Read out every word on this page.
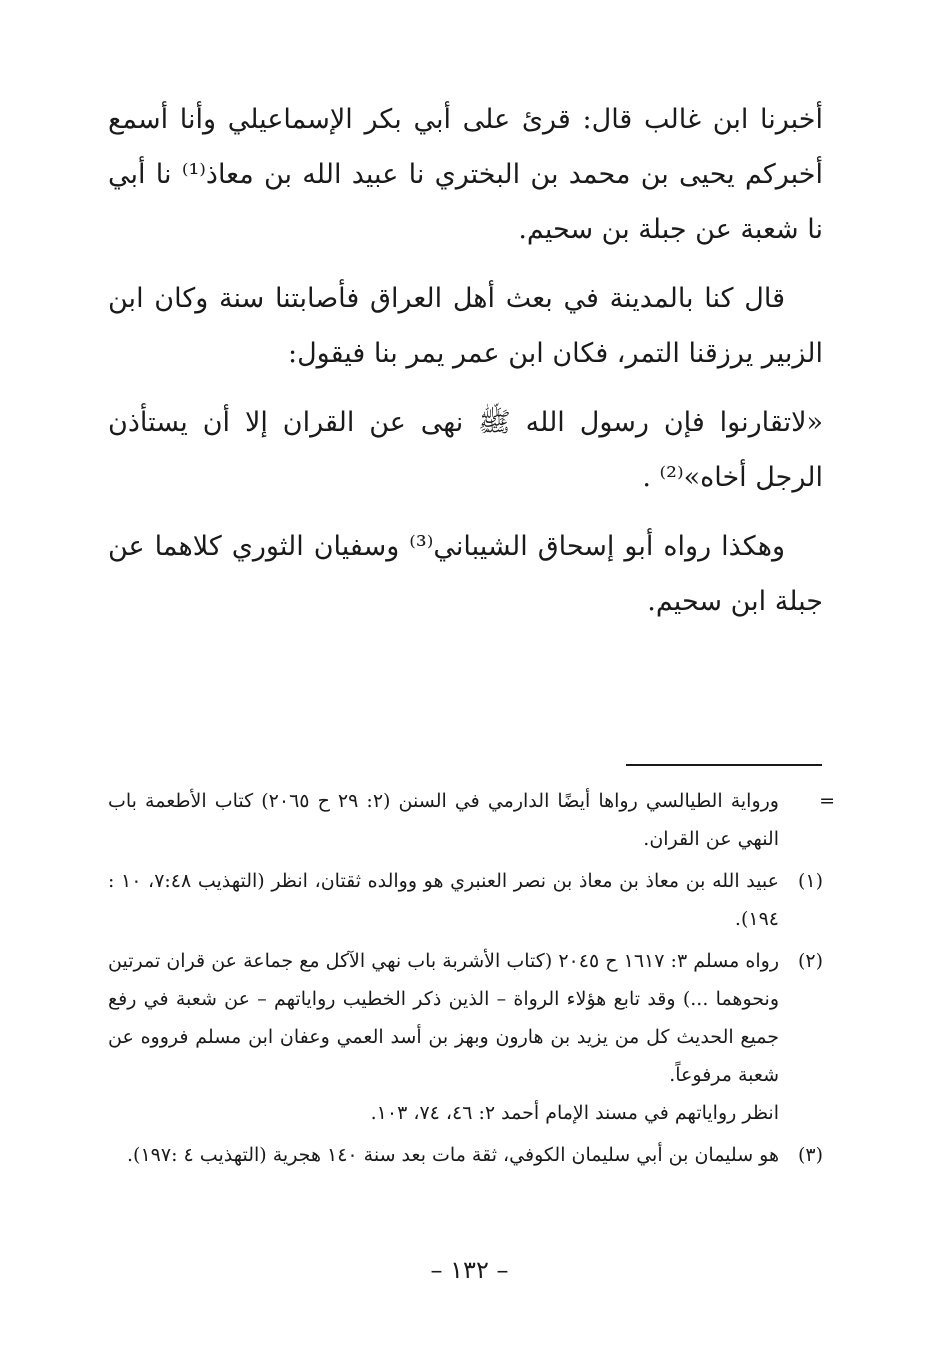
أخبرنا ابن غالب قال: قرئ على أبي بكر الإسماعيلي وأنا أسمع أخبركم يحيى بن محمد بن البختري نا عبيد الله بن معاذ⁽¹⁾ نا أبي نا شعبة عن جبلة بن سحيم.

قال كنا بالمدينة في بعث أهل العراق فأصابتنا سنة وكان ابن الزبير يرزقنا التمر، فكان ابن عمر يمر بنا فيقول:

«لاتقارنوا فإن رسول الله ﷺ نهى عن القران إلا أن يستأذن الرجل أخاه»⁽²⁾ .

وهكذا رواه أبو إسحاق الشيباني⁽³⁾ وسفيان الثوري كلاهما عن جبلة ابن سحيم.

=
ورواية الطيالسي رواها أيضًا الدارمي في السنن (٢: ٢٩ ح ٢٠٦٥) كتاب الأطعمة باب النهي عن القران.
(١)
عبيد الله بن معاذ بن معاذ بن نصر العنبري هو ووالده ثقتان، انظر (التهذيب ٧:٤٨، ١٠ : ١٩٤).
(٢)
رواه مسلم ٣: ١٦١٧ ح ٢٠٤٥ (كتاب الأشربة باب نهي الآكل مع جماعة عن قران تمرتين ونحوهما ...) وقد تابع هؤلاء الرواة – الذين ذكر الخطيب رواياتهم – عن شعبة في رفع جميع الحديث كل من يزيد بن هارون وبهز بن أسد العمي وعفان ابن مسلم فرووه عن شعبة مرفوعاً.
انظر رواياتهم في مسند الإمام أحمد ٢: ٤٦، ٧٤، ١٠٣.
(٣)
هو سليمان بن أبي سليمان الكوفي، ثقة مات بعد سنة ١٤٠ هجرية (التهذيب ٤ :١٩٧).
– ١٣٢ –
